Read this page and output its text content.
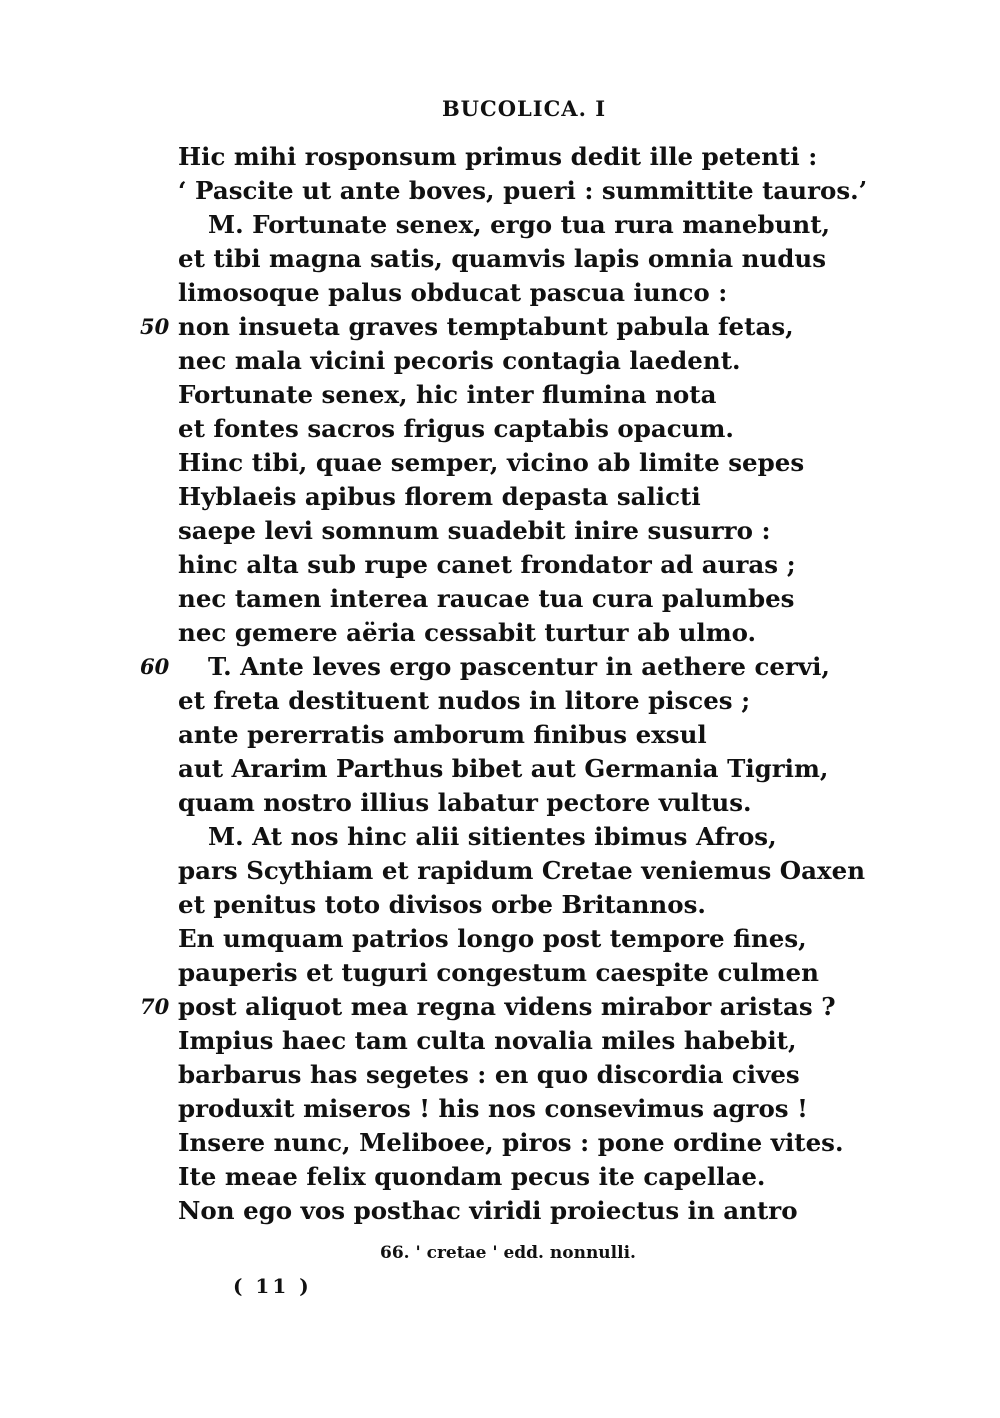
BUCOLICA. I
Hic mihi rosponsum primus dedit ille petenti :
‘ Pascite ut ante boves, pueri : summittite tauros.’
M. Fortunate senex, ergo tua rura manebunt,
et tibi magna satis, quamvis lapis omnia nudus
limosoque palus obducat pascua iunco :
50 non insueta graves temptabunt pabula fetas,
nec mala vicini pecoris contagia laedent.
Fortunate senex, hic inter flumina nota
et fontes sacros frigus captabis opacum.
Hinc tibi, quae semper, vicino ab limite sepes
Hyblaeis apibus florem depasta salicti
saepe levi somnum suadebit inire susurro :
hinc alta sub rupe canet frondator ad auras ;
nec tamen interea raucae tua cura palumbes
nec gemere aëria cessabit turtur ab ulmo.
60 T. Ante leves ergo pascentur in aethere cervi,
et freta destituent nudos in litore pisces ;
ante pererratis amborum finibus exsul
aut Ararim Parthus bibet aut Germania Tigrim,
quam nostro illius labatur pectore vultus.
M. At nos hinc alii sitientes ibimus Afros,
pars Scythiam et rapidum Cretae veniemus Oaxen
et penitus toto divisos orbe Britannos.
En umquam patrios longo post tempore fines,
pauperis et tuguri congestum caespite culmen
70 post aliquot mea regna videns mirabor aristas ?
Impius haec tam culta novalia miles habebit,
barbarus has segetes : en quo discordia cives
produxit miseros ! his nos consevimus agros !
Insere nunc, Meliboee, piros : pone ordine vites.
Ite meae felix quondam pecus ite capellae.
Non ego vos posthac viridi proiectus in antro
66. ' cretae ' edd. nonnulli.
( 11 )
